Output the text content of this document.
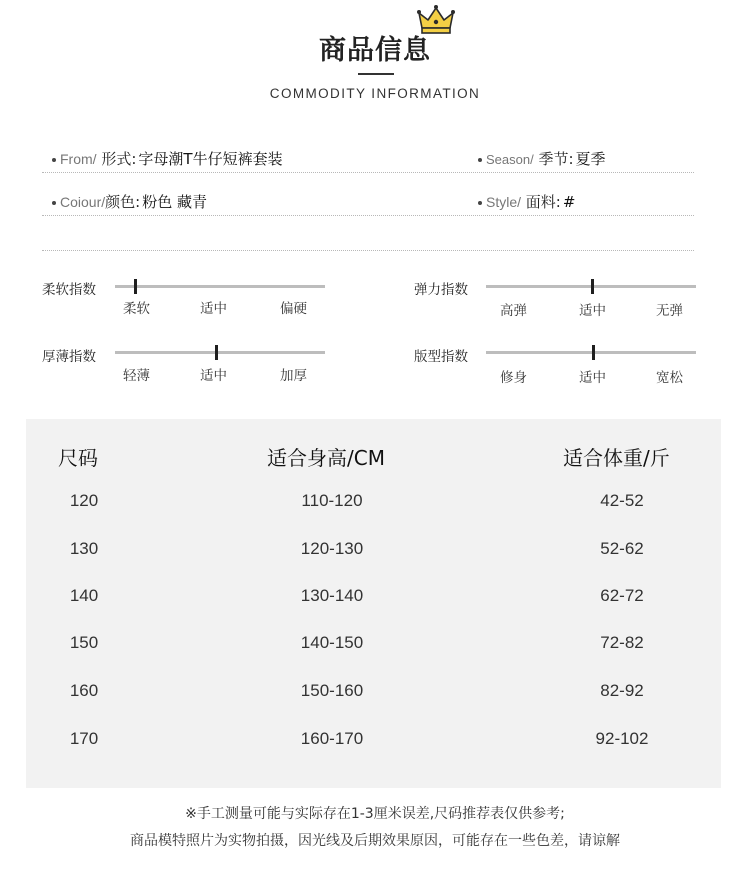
商品信息
COMMODITY INFORMATION
From/ 形式: 字母潮T牛仔短裤套装	Season/ 季节: 夏季
Coiour/颜色: 粉色 藏青	Style/ 面料: #
柔软指数
柔软	适中	偏硬
弹力指数
高弹	适中	无弹
厚薄指数
轻薄	适中	加厚
版型指数
修身	适中	宽松
尺码	适合身高/CM	适合体重/斤
120	110-120	42-52
130	120-130	52-62
140	130-140	62-72
150	140-150	72-82
160	150-160	82-92
170	160-170	92-102
※手工测量可能与实际存在1-3厘米误差,尺码推荐表仅供参考;
商品模特照片为实物拍摄，因光线及后期效果原因，可能存在一些色差，请谅解
